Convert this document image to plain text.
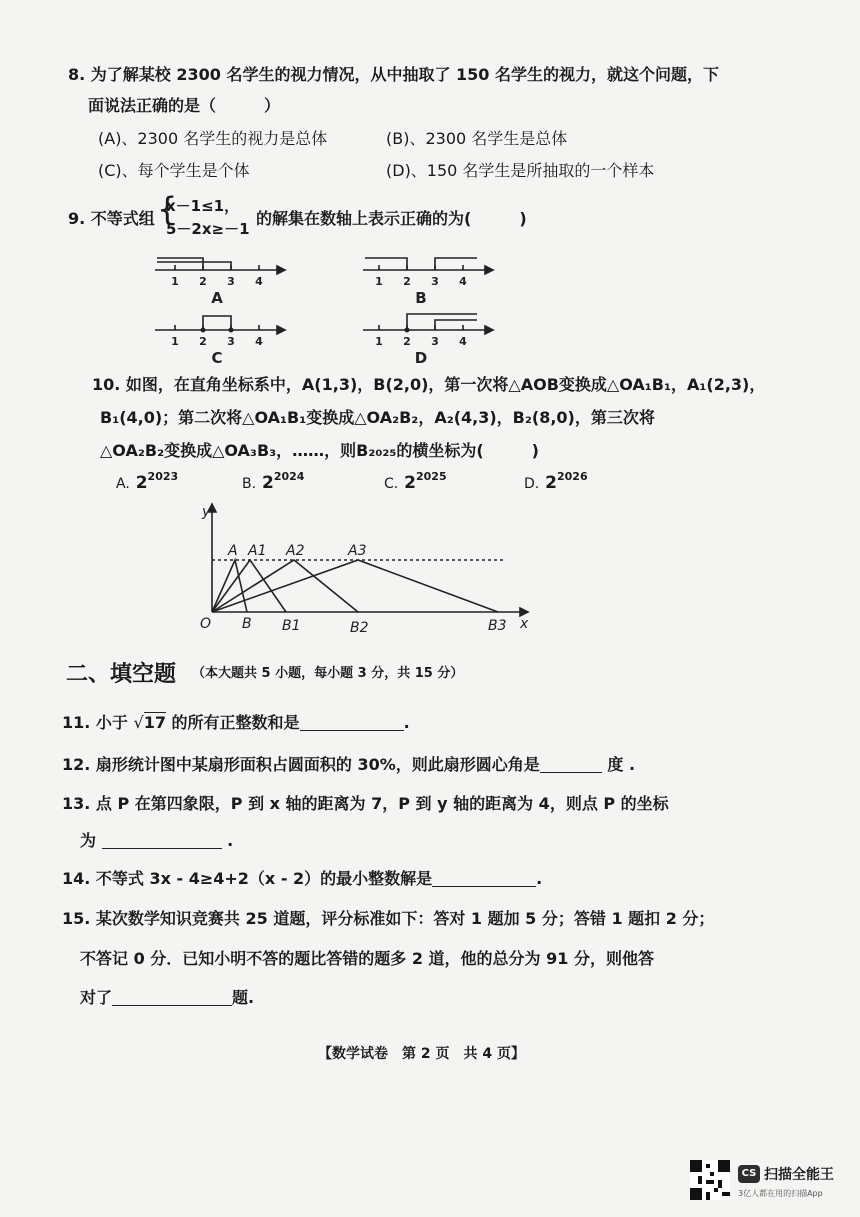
8. 为了解某校 2300 名学生的视力情况，从中抽取了 150 名学生的视力，就这个问题，下
面说法正确的是（　　　）
(A)、2300 名学生的视力是总体	(B)、2300 名学生是总体
(C)、每个学生是个体	(D)、150 名学生是所抽取的一个样本
9. 不等式组 {
x－1≤1，
5－2x≥－1
的解集在数轴上表示正确的为(　　　)
1 2 3 4	1 2 3 4
1 2 3 4	1 2 3 4
A	B
C	D
10. 如图，在直角坐标系中，A(1,3)，B(2,0)，第一次将△AOB变换成△OA₁B₁，A₁(2,3)，
B₁(4,0)；第二次将△OA₁B₁变换成△OA₂B₂，A₂(4,3)，B₂(8,0)，第三次将
△OA₂B₂变换成△OA₃B₃，……，则B₂₀₂₅的横坐标为(　　　)
A. $2^{2023}$	B. $2^{2024}$	C. $2^{2025}$	D. $2^{2026}$
y
x
O
A A1 A2	A3
B B1	B2	B3
二、填空题 （本大题共 5 小题，每小题 3 分，共 15 分）
11. 小于 √17 的所有正整数和是	.
12. 扇形统计图中某扇形面积占圆面积的 30%，则此扇形圆心角是	度 .
13. 点 P 在第四象限，P 到 x 轴的距离为 7，P 到 y 轴的距离为 4，则点 P 的坐标
为	.
14. 不等式 3x - 4≥4+2（x - 2）的最小整数解是	.
15. 某次数学知识竞赛共 25 道题，评分标准如下：答对 1 题加 5 分；答错 1 题扣 2 分；
不答记 0 分．已知小明不答的题比答错的题多 2 道，他的总分为 91 分，则他答
对了	题.
【数学试卷　第 2 页　共 4 页】
CS 扫描全能王
3亿人都在用的扫描App
